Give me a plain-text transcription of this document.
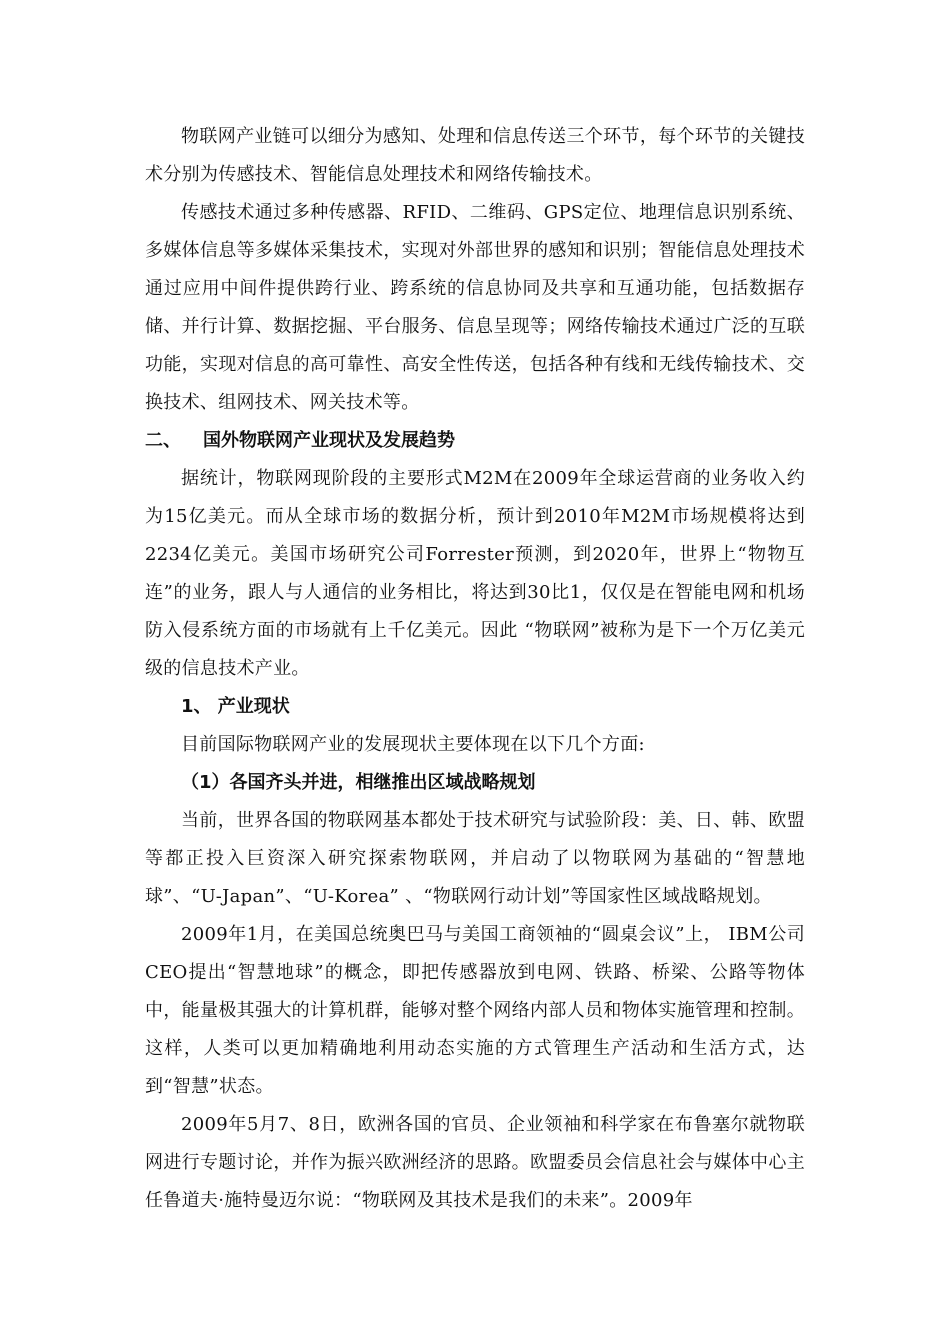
物联网产业链可以细分为感知、处理和信息传送三个环节，每个环节的关键技术分别为传感技术、智能信息处理技术和网络传输技术。

传感技术通过多种传感器、RFID、二维码、GPS定位、地理信息识别系统、多媒体信息等多媒体采集技术，实现对外部世界的感知和识别；智能信息处理技术通过应用中间件提供跨行业、跨系统的信息协同及共享和互通功能，包括数据存储、并行计算、数据挖掘、平台服务、信息呈现等；网络传输技术通过广泛的互联功能，实现对信息的高可靠性、高安全性传送，包括各种有线和无线传输技术、交换技术、组网技术、网关技术等。

二、 国外物联网产业现状及发展趋势

据统计，物联网现阶段的主要形式M2M在2009年全球运营商的业务收入约为15亿美元。而从全球市场的数据分析，预计到2010年M2M市场规模将达到2234亿美元。美国市场研究公司Forrester预测，到2020年，世界上“物物互连”的业务，跟人与人通信的业务相比，将达到30比1，仅仅是在智能电网和机场防入侵系统方面的市场就有上千亿美元。因此 “物联网”被称为是下一个万亿美元级的信息技术产业。

1、 产业现状

目前国际物联网产业的发展现状主要体现在以下几个方面:

（1）各国齐头并进，相继推出区域战略规划

当前，世界各国的物联网基本都处于技术研究与试验阶段：美、日、韩、欧盟等都正投入巨资深入研究探索物联网，并启动了以物联网为基础的“智慧地球”、“U-Japan”、“U-Korea” 、“物联网行动计划”等国家性区域战略规划。

2009年1月，在美国总统奥巴马与美国工商领袖的“圆桌会议”上， IBM公司CEO提出“智慧地球”的概念，即把传感器放到电网、铁路、桥梁、公路等物体中，能量极其强大的计算机群，能够对整个网络内部人员和物体实施管理和控制。这样，人类可以更加精确地利用动态实施的方式管理生产活动和生活方式，达到“智慧”状态。

2009年5月7、8日，欧洲各国的官员、企业领袖和科学家在布鲁塞尔就物联网进行专题讨论，并作为振兴欧洲经济的思路。欧盟委员会信息社会与媒体中心主任鲁道夫·施特曼迈尔说：“物联网及其技术是我们的未来”。2009年
